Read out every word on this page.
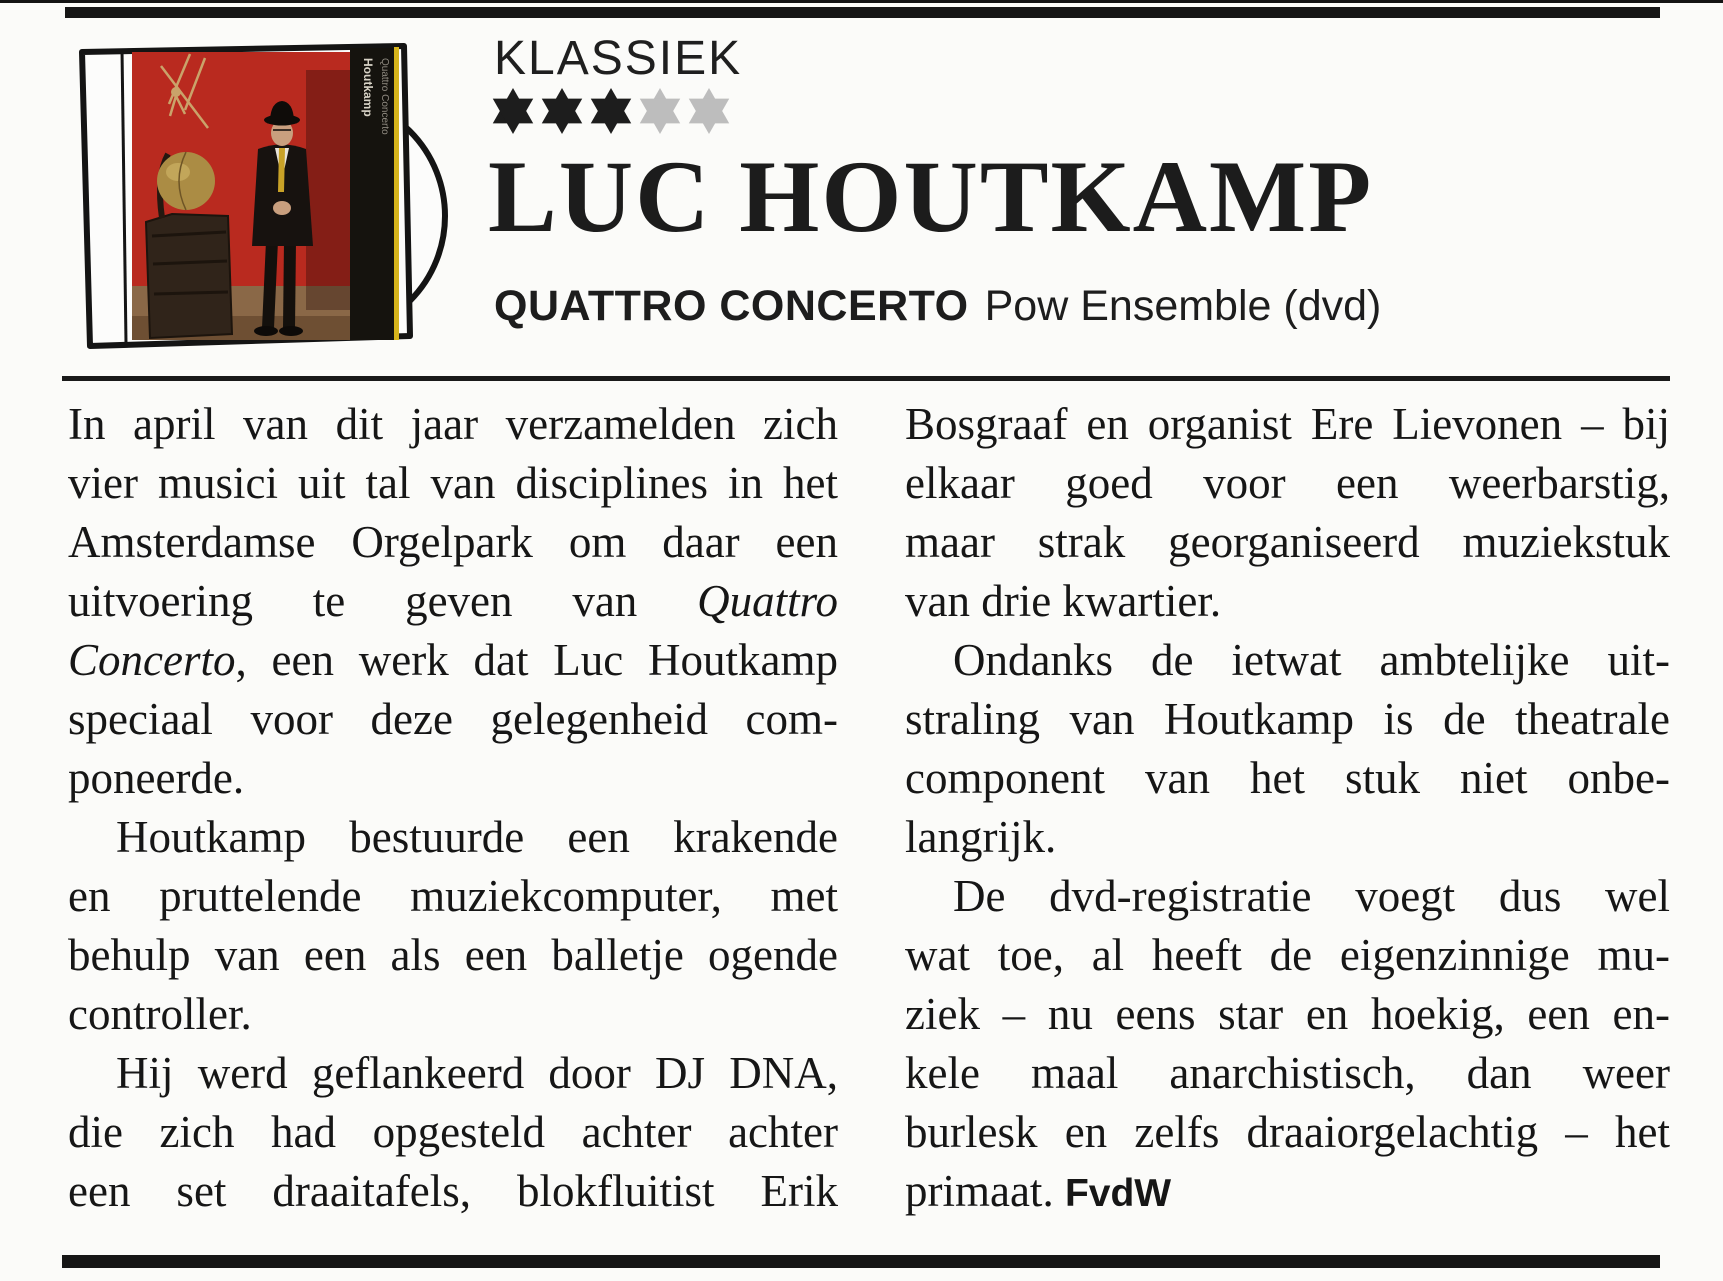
Houtkamp Quattro Concerto KLASSIEK
LUC HOUTKAMP
QUATTRO CONCERTO Pow Ensemble (dvd)
In april van dit jaar verzamelden zich
vier musici uit tal van disciplines in het
Amsterdamse Orgelpark om daar een
uitvoering te geven van Quattro
Concerto, een werk dat Luc Houtkamp
speciaal voor deze gelegenheid com-
poneerde.
Houtkamp bestuurde een krakende
en pruttelende muziekcomputer, met
behulp van een als een balletje ogende
controller.
Hij werd geflankeerd door DJ DNA,
die zich had opgesteld achter achter
een set draaitafels, blokfluitist Erik
Bosgraaf en organist Ere Lievonen – bij
elkaar goed voor een weerbarstig,
maar strak georganiseerd muziekstuk
van drie kwartier.
Ondanks de ietwat ambtelijke uit-
straling van Houtkamp is de theatrale
component van het stuk niet onbe-
langrijk.
De dvd-registratie voegt dus wel
wat toe, al heeft de eigenzinnige mu-
ziek – nu eens star en hoekig, een en-
kele maal anarchistisch, dan weer
burlesk en zelfs draaiorgelachtig – het
primaat. FvdW
